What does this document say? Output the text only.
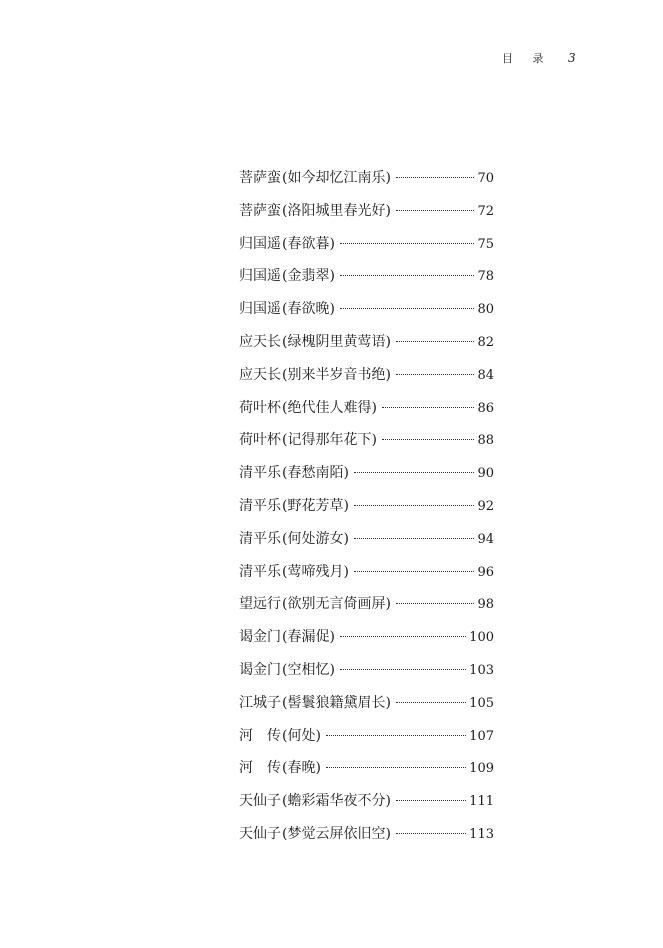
目 录 3
菩萨蛮 (如今却忆江南乐)	70
菩萨蛮 (洛阳城里春光好)	72
归国遥 (春欲暮)	75
归国遥 (金翡翠)	78
归国遥 (春欲晚)	80
应天长 (绿槐阴里黄莺语)	82
应天长 (别来半岁音书绝)	84
荷叶杯 (绝代佳人难得)	86
荷叶杯 (记得那年花下)	88
清平乐 (春愁南陌)	90
清平乐 (野花芳草)	92
清平乐 (何处游女)	94
清平乐 (莺啼残月)	96
望远行 (欲别无言倚画屏)	98
谒金门 (春漏促)	100
谒金门 (空相忆)	103
江城子 (髻鬟狼籍黛眉长)	105
河　传 (何处)	107
河　传 (春晚)	109
天仙子 (蟾彩霜华夜不分)	111
天仙子 (梦觉云屏依旧空)	113
